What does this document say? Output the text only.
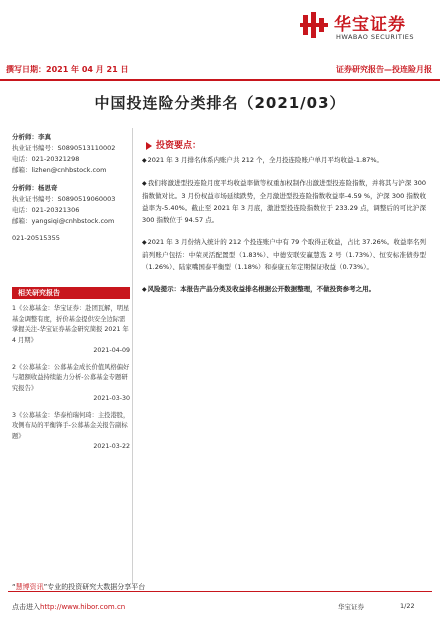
华宝证券
HWABAO SECURITIES
撰写日期：2021 年 04 月 21 日	证券研究报告—投连险月报
中国投连险分类排名（2021/03）
分析师：李真
执业证书编号：S0890513110002
电话：021-20321298
邮箱：lizhen@cnhbstock.com
分析师：杨思奇
执业证书编号：S0890519060003
电话：021-20321306
邮箱：yangsiqi@cnhbstock.com
021-20515355
相关研究报告
1《公募基金：华宝证券：赴团瓦解，明星基金调整有度，折价基金提供安全边际需掌握关注-华宝证券基金研究简报 2021 年 4 月期》
2021-04-09
2《公募基金：公募基金成长价值风格偏好与超额收益持续能力分析-公募基金专题研究报告》
2021-03-30
3《公募基金：华泰柏瑞何琦：主投港股，攻侧布局的平衡锋手-公募基金关报告副标题》
2021-03-22
投资要点：
◆2021 年 3 月排名体系内账户共 212 个，全月投连险账户单月平均收益-1.87%。
◆我们将激进型投连险月度平均收益率做等权重加权制作出激进型投连险指数，并将其与沪深 300 指数做对比。3 月份权益市场延续跌势，全月激进型投连险指数收益率-4.59 %，沪深 300 指数收益率为-5.40%。截止至 2021 年 3 月底，激进型投连险指数位于 233.29 点，调整后的可比沪深 300 指数位于 94.57 点。
◆2021 年 3 月份纳入统计的 212 个投连账户中有 79 个取得正收益，占比 37.26%。收益率名列前列账户包括：中荣灵活配置型（1.83%）、中德安联安赢慧选 2 号（1.73%）、恒安标准债券型（1.26%）、陆家嘴国泰平衡型（1.18%）和泰康五年定期保证收益（0.73%）。
◆风险提示：本报告产品分类及收益排名根据公开数据整理，不做投资参考之用。
“慧博资讯”专业的投资研究大数据分享平台
点击进入http://www.hibor.com.cn	华宝证券	1/22
